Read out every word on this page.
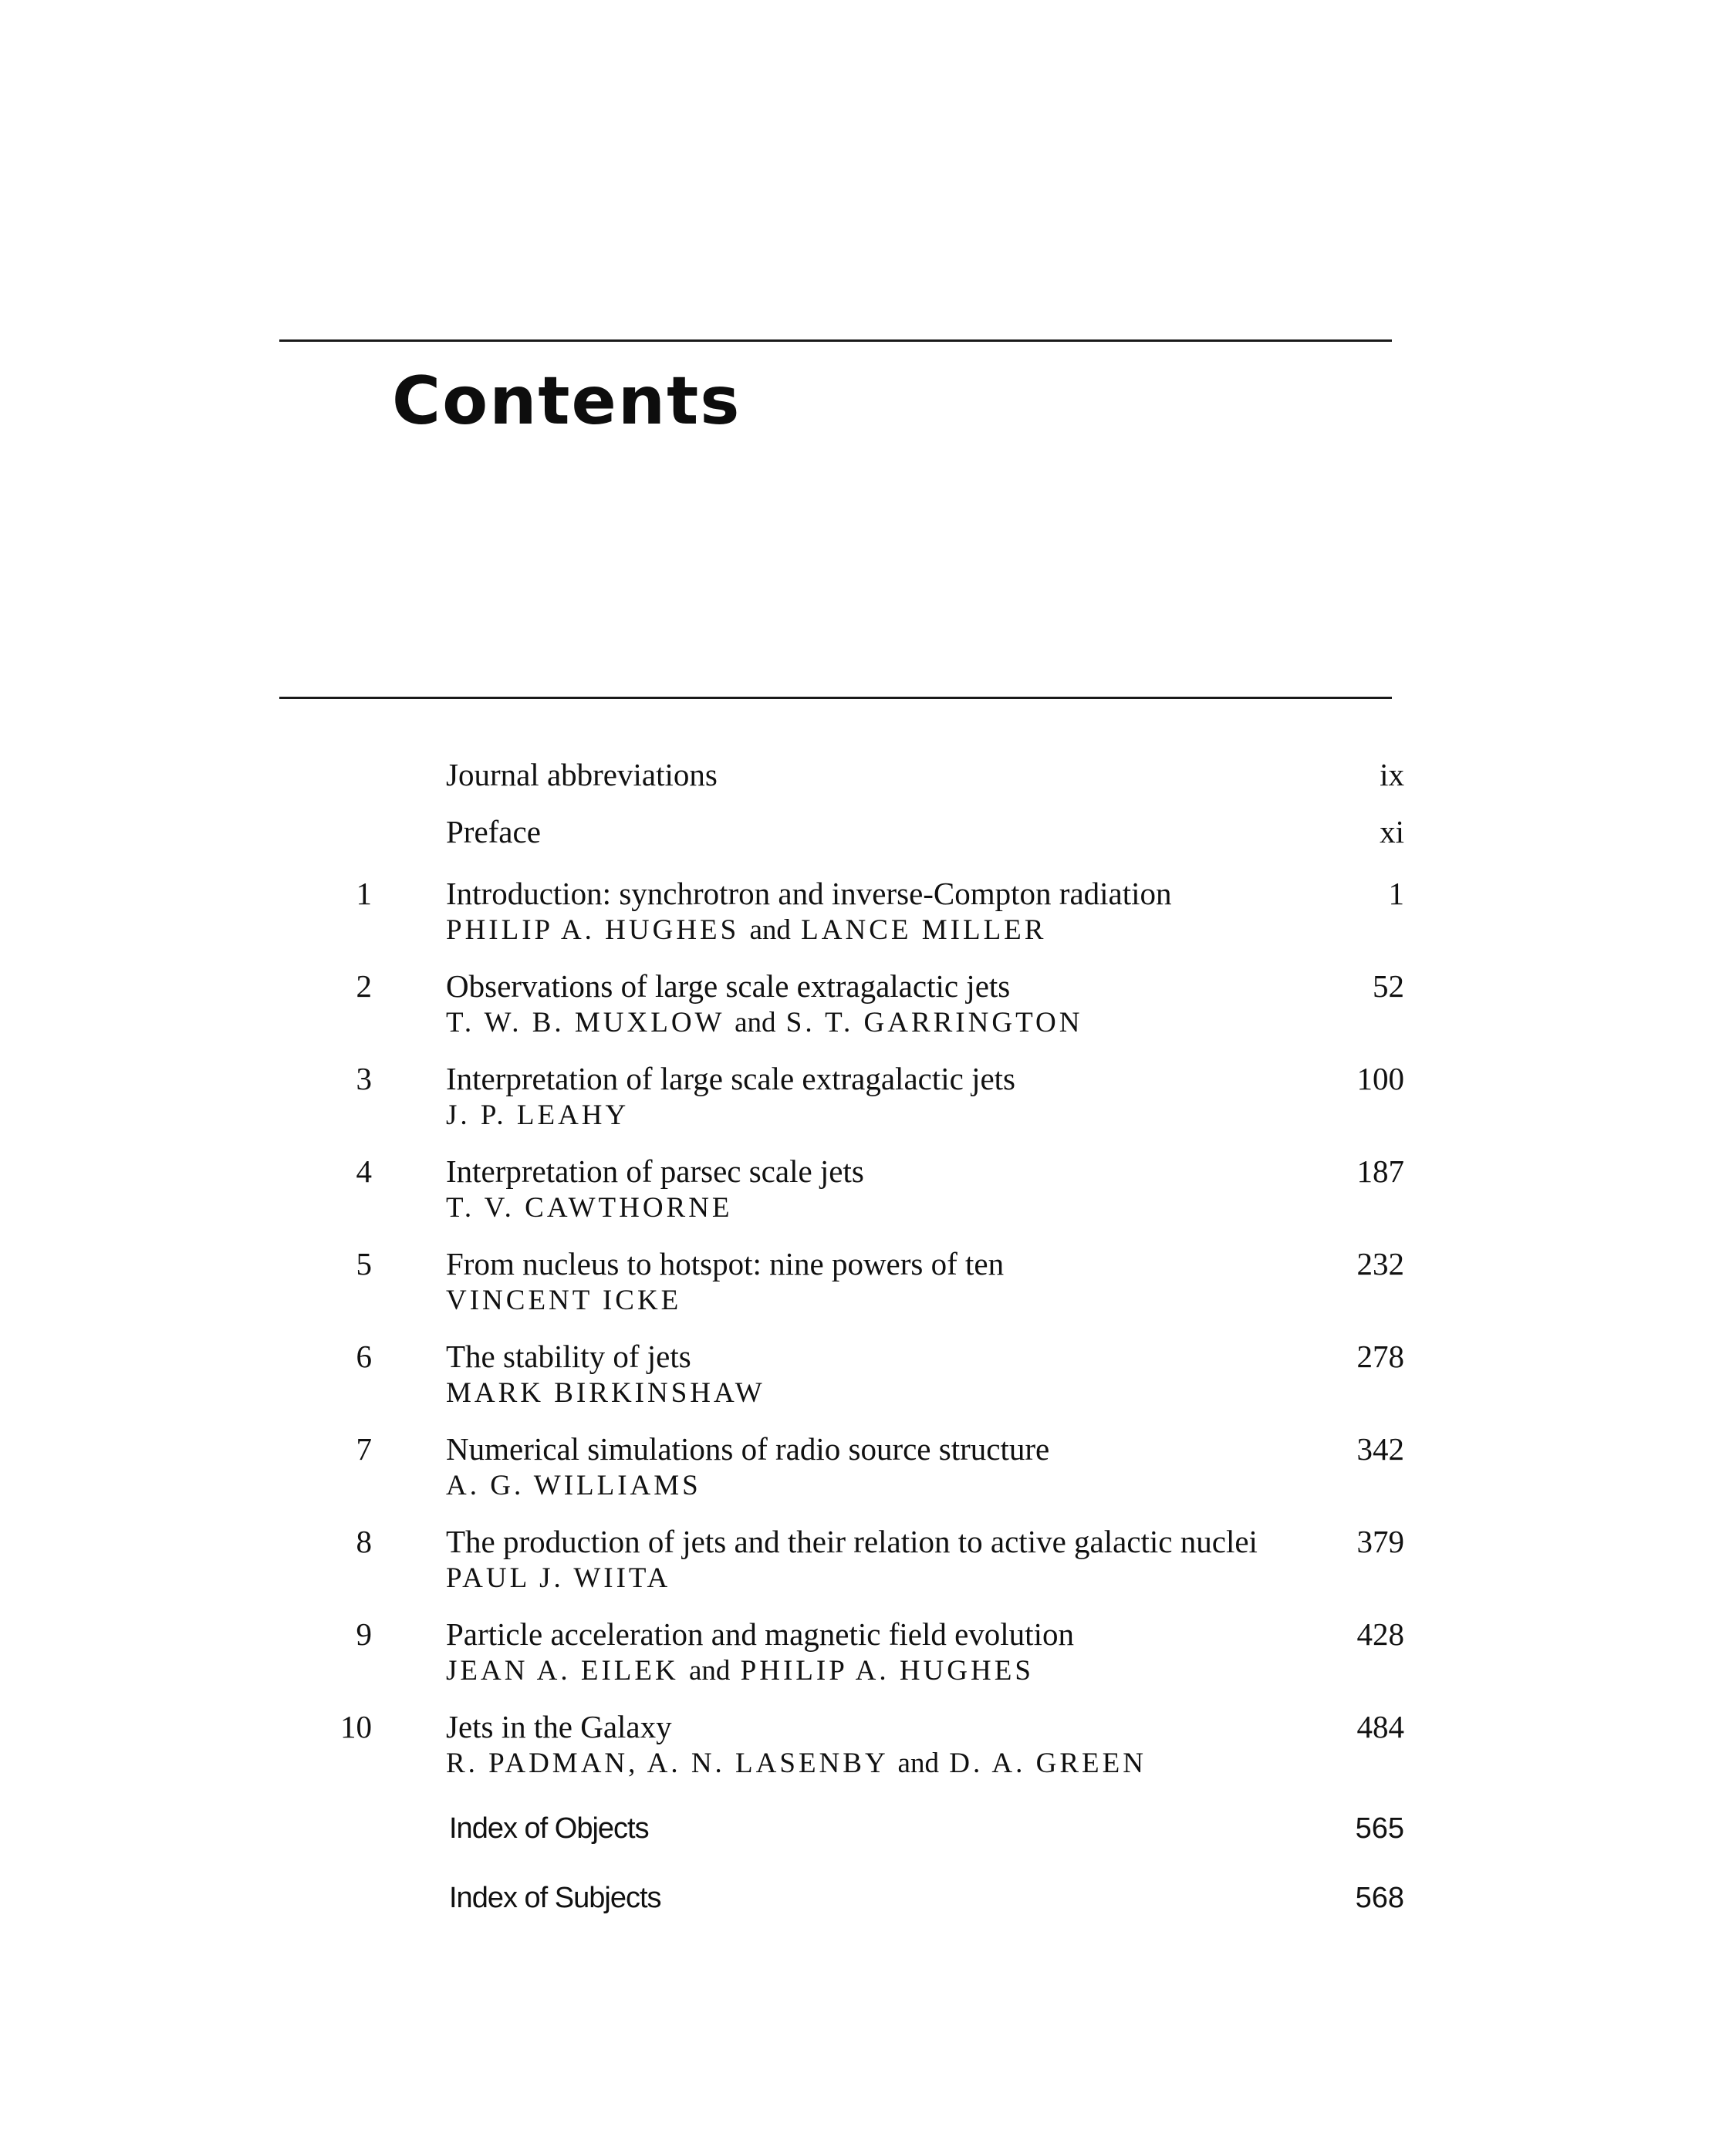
Contents
Journal abbreviations	ix
Preface	xi
1	Introduction: synchrotron and inverse-Compton radiation	1
PHILIP A. HUGHES and LANCE MILLER
2	Observations of large scale extragalactic jets	52
T. W. B. MUXLOW and S. T. GARRINGTON
3	Interpretation of large scale extragalactic jets	100
J. P. LEAHY
4	Interpretation of parsec scale jets	187
T. V. CAWTHORNE
5	From nucleus to hotspot: nine powers of ten	232
VINCENT ICKE
6	The stability of jets	278
MARK BIRKINSHAW
7	Numerical simulations of radio source structure	342
A. G. WILLIAMS
8	The production of jets and their relation to active galactic nuclei	379
PAUL J. WIITA
9	Particle acceleration and magnetic field evolution	428
JEAN A. EILEK and PHILIP A. HUGHES
10	Jets in the Galaxy	484
R. PADMAN, A. N. LASENBY and D. A. GREEN
Index of Objects	565
Index of Subjects	568
